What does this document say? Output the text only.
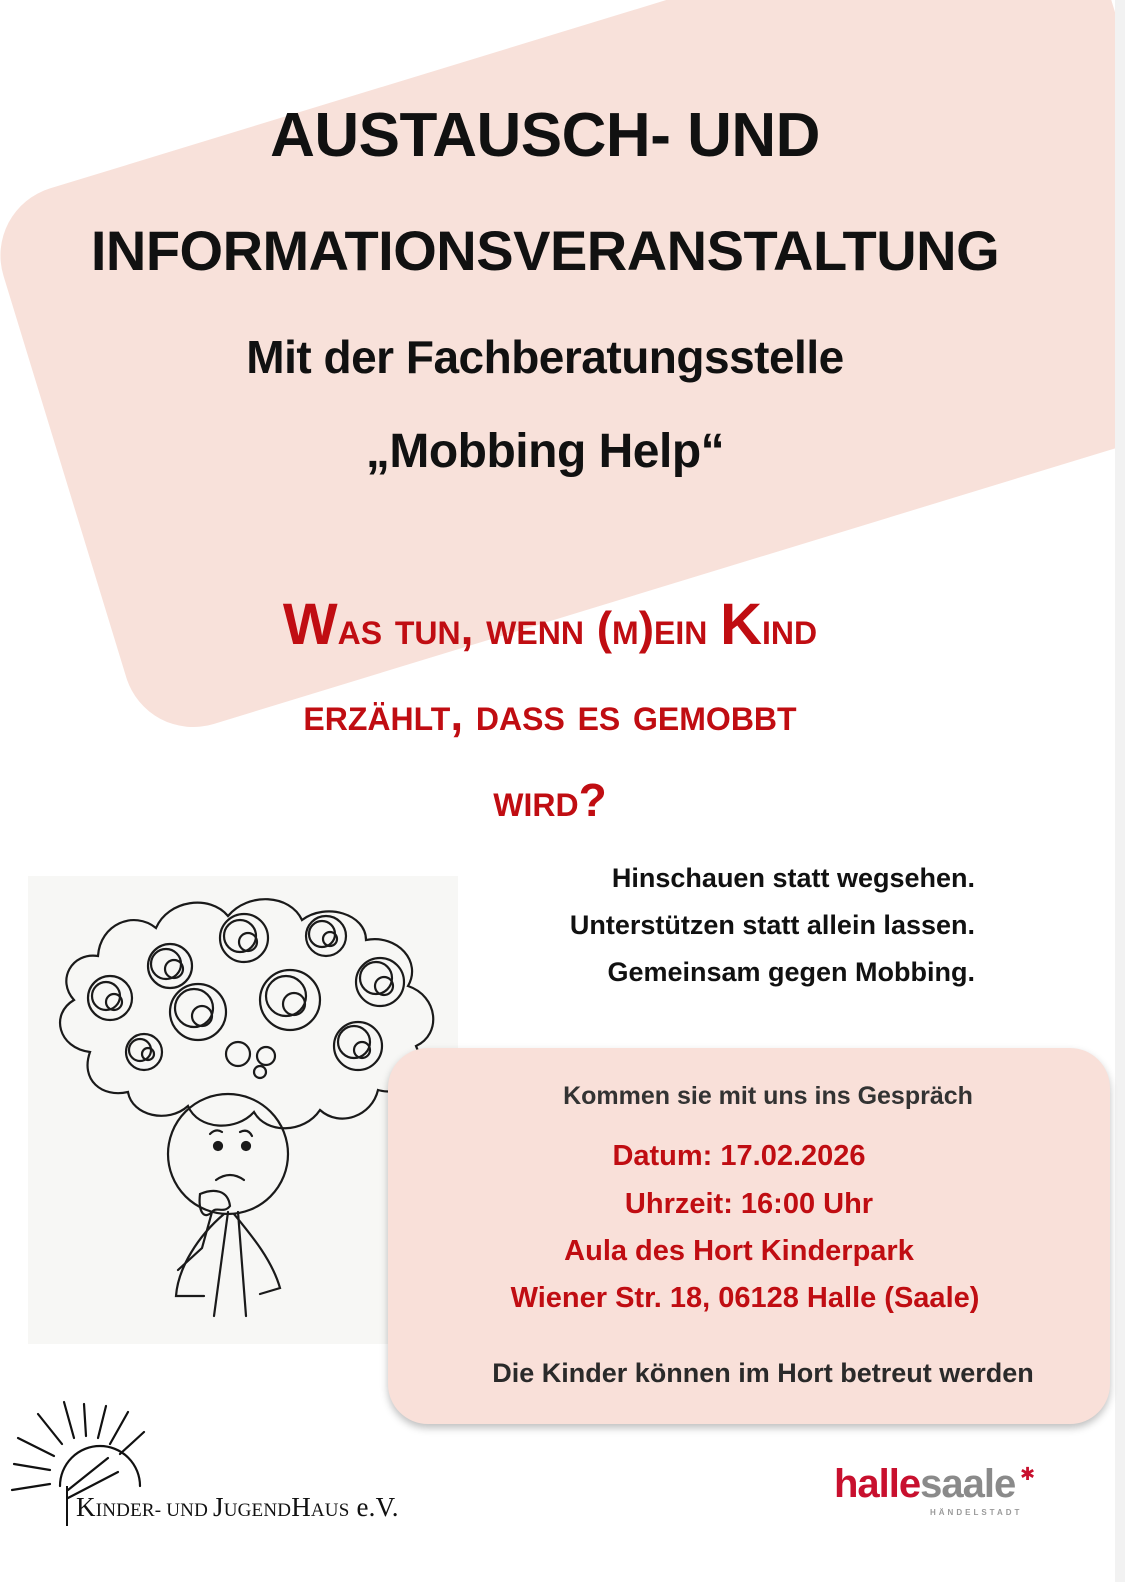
AUSTAUSCH- UND
INFORMATIONSVERANSTALTUNG
Mit der Fachberatungsstelle
„Mobbing Help“
Was tun, wenn (m)ein Kind
erzählt, dass es gemobbt
wird?
Hinschauen statt wegsehen.
Unterstützen statt allein lassen.
Gemeinsam gegen Mobbing.
Kommen sie mit uns ins Gespräch
Datum: 17.02.2026
Uhrzeit: 16:00 Uhr
Aula des Hort Kinderpark
Wiener Str. 18, 06128 Halle (Saale)
Die Kinder können im Hort betreut werden
KINDER- UND JUGENDHAUS e.V.
hallesaale ✱
HÄNDELSTADT
